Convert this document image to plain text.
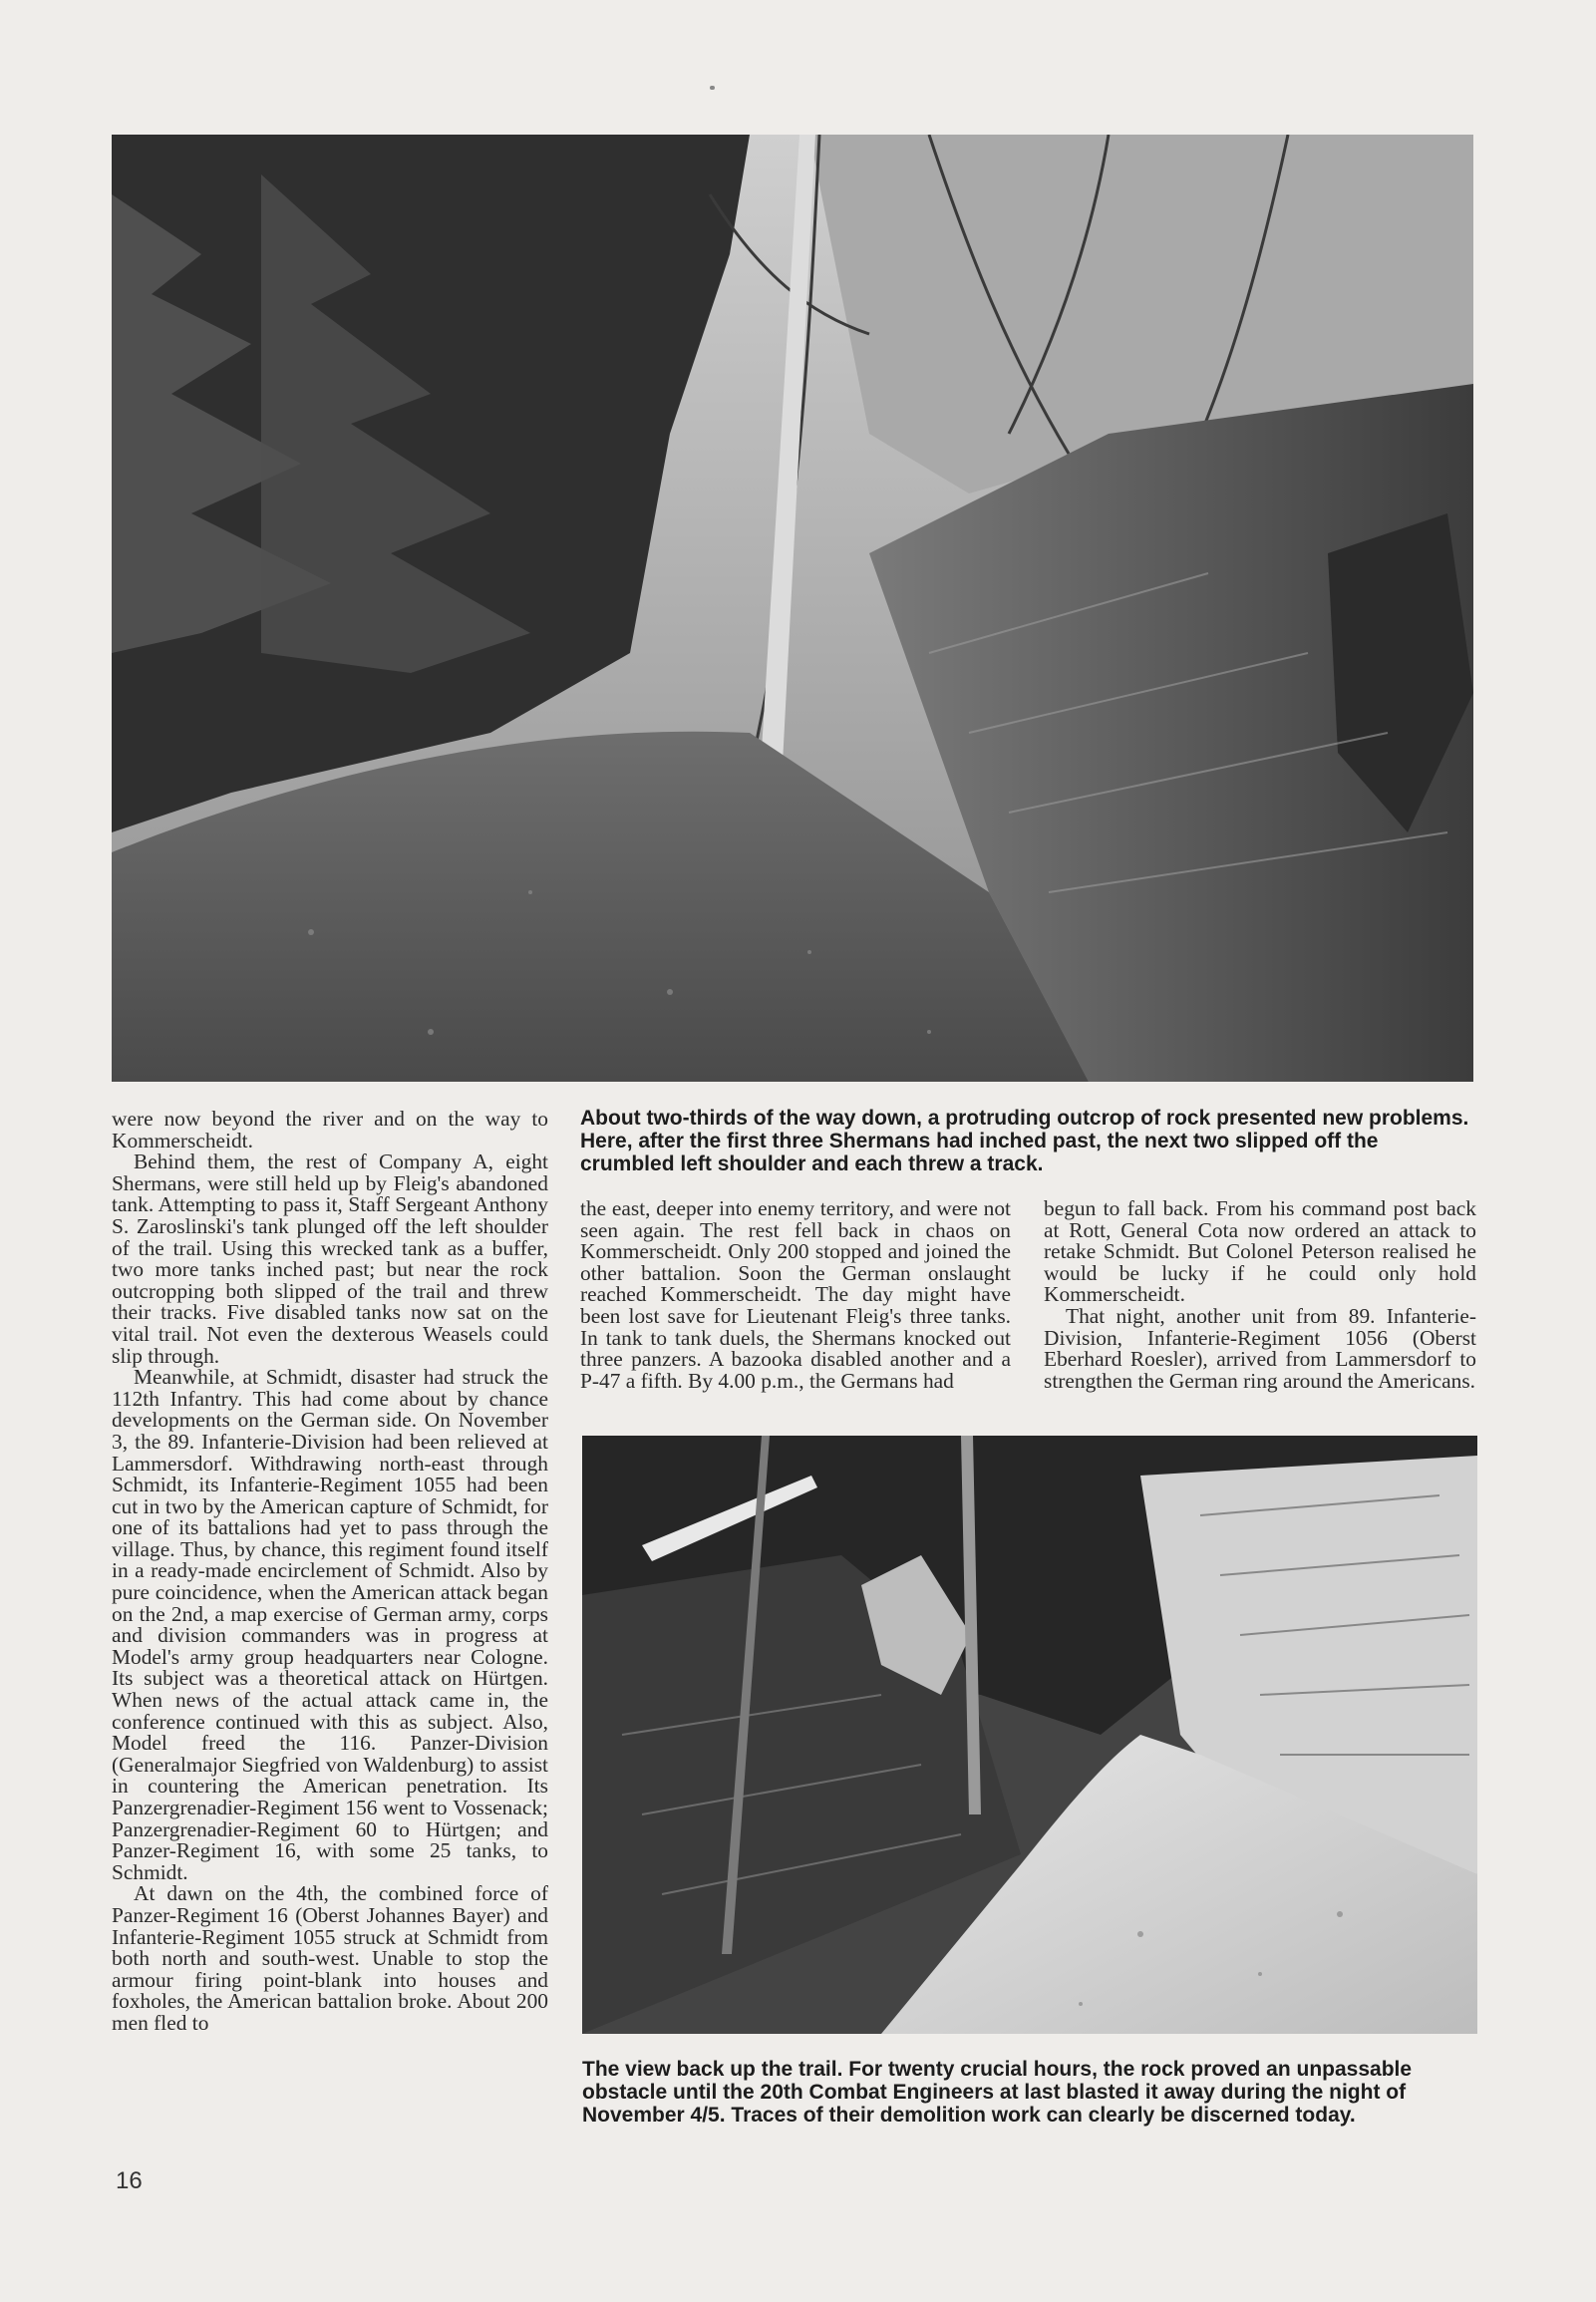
About two-thirds of the way down, a protruding outcrop of rock presented new problems. Here, after the first three Shermans had inched past, the next two slipped off the crumbled left shoulder and each threw a track.

were now beyond the river and on the way to Kommerscheidt.

Behind them, the rest of Company A, eight Shermans, were still held up by Fleig's abandoned tank. Attempting to pass it, Staff Sergeant Anthony S. Zaroslinski's tank plunged off the left shoulder of the trail. Using this wrecked tank as a buffer, two more tanks inched past; but near the rock outcropping both slipped of the trail and threw their tracks. Five disabled tanks now sat on the vital trail. Not even the dexterous Weasels could slip through.

Meanwhile, at Schmidt, disaster had struck the 112th Infantry. This had come about by chance developments on the German side. On November 3, the 89. Infanterie-Division had been relieved at Lammersdorf. Withdrawing north-east through Schmidt, its Infanterie-Regiment 1055 had been cut in two by the American capture of Schmidt, for one of its battalions had yet to pass through the village. Thus, by chance, this regiment found itself in a ready-made encirclement of Schmidt. Also by pure coincidence, when the American attack began on the 2nd, a map exercise of German army, corps and division commanders was in progress at Model's army group headquarters near Cologne. Its subject was a theoretical attack on Hürtgen. When news of the actual attack came in, the conference continued with this as subject. Also, Model freed the 116. Panzer-Division (Generalmajor Siegfried von Waldenburg) to assist in countering the American penetration. Its Panzergrenadier-Regiment 156 went to Vossenack; Panzergrenadier-Regiment 60 to Hürtgen; and Panzer-Regiment 16, with some 25 tanks, to Schmidt.

At dawn on the 4th, the combined force of Panzer-Regiment 16 (Oberst Johannes Bayer) and Infanterie-Regiment 1055 struck at Schmidt from both north and south-west. Unable to stop the armour firing point-blank into houses and foxholes, the American battalion broke. About 200 men fled to

the east, deeper into enemy territory, and were not seen again. The rest fell back in chaos on Kommerscheidt. Only 200 stopped and joined the other battalion. Soon the German onslaught reached Kommerscheidt. The day might have been lost save for Lieutenant Fleig's three tanks. In tank to tank duels, the Shermans knocked out three panzers. A bazooka disabled another and a P-47 a fifth. By 4.00 p.m., the Germans had

begun to fall back. From his command post back at Rott, General Cota now ordered an attack to retake Schmidt. But Colonel Peterson realised he would be lucky if he could only hold Kommerscheidt.

That night, another unit from 89. Infanterie-Division, Infanterie-Regiment 1056 (Oberst Eberhard Roesler), arrived from Lammersdorf to strengthen the German ring around the Americans.

The view back up the trail. For twenty crucial hours, the rock proved an unpassable obstacle until the 20th Combat Engineers at last blasted it away during the night of November 4/5. Traces of their demolition work can clearly be discerned today.
16
